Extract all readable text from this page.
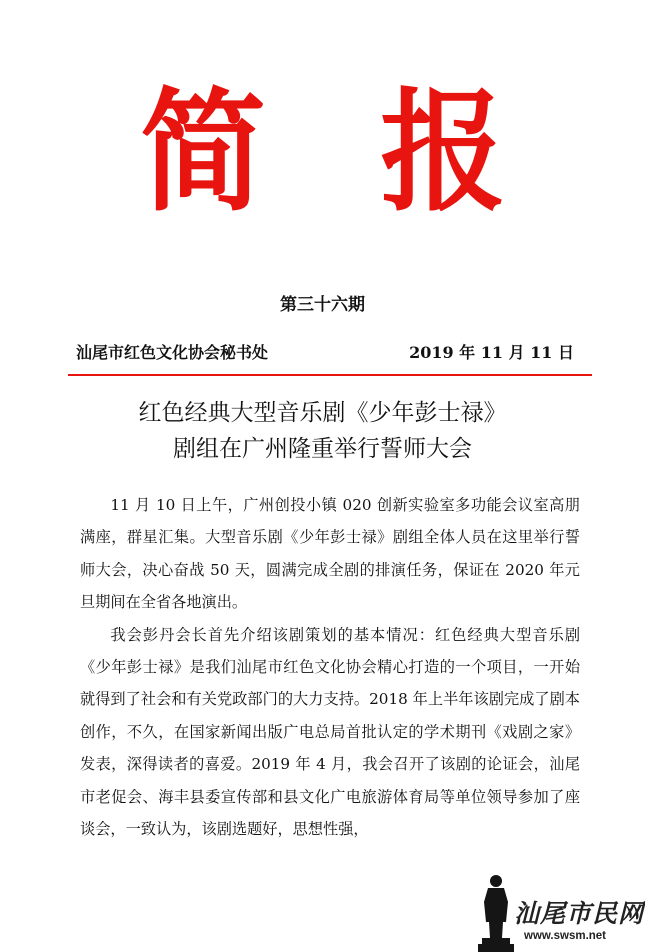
简 报
第三十六期
汕尾市红色文化协会秘书处	2019 年 11 月 11 日
红色经典大型音乐剧《少年彭士禄》
剧组在广州隆重举行誓师大会

11 月 10 日上午，广州创投小镇 020 创新实验室多功能会议室高朋满座，群星汇集。大型音乐剧《少年彭士禄》剧组全体人员在这里举行誓师大会，决心奋战 50 天，圆满完成全剧的排演任务，保证在 2020 年元旦期间在全省各地演出。

我会彭丹会长首先介绍该剧策划的基本情况：红色经典大型音乐剧《少年彭士禄》是我们汕尾市红色文化协会精心打造的一个项目，一开始就得到了社会和有关党政部门的大力支持。2018 年上半年该剧完成了剧本创作，不久，在国家新闻出版广电总局首批认定的学术期刊《戏剧之家》发表，深得读者的喜爱。2019 年 4 月，我会召开了该剧的论证会，汕尾市老促会、海丰县委宣传部和县文化广电旅游体育局等单位领导参加了座谈会，一致认为，该剧选题好，思想性强，

汕尾市民网
www.swsm.net
